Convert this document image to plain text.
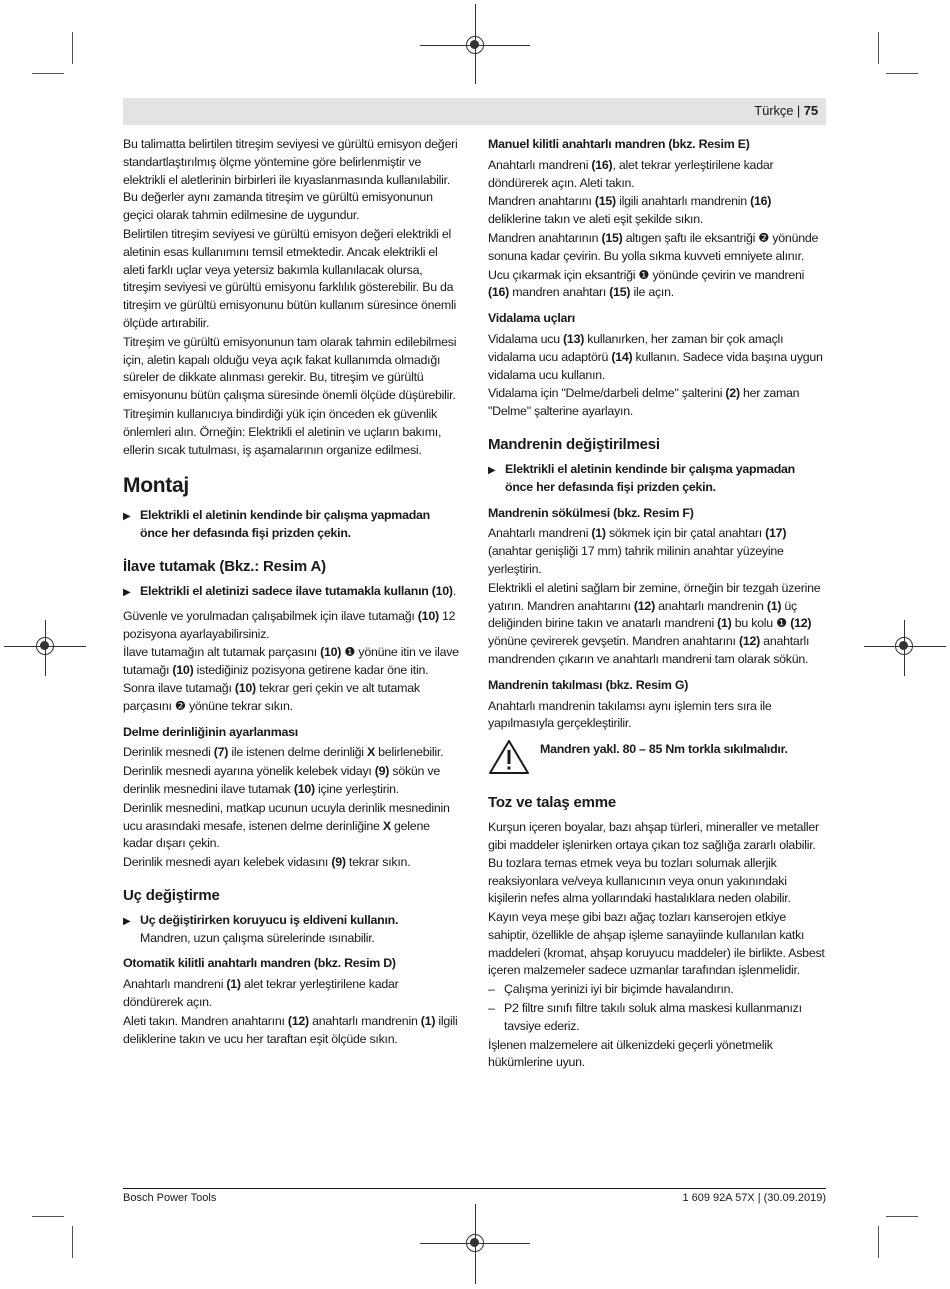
Türkçe | 75

Bu talimatta belirtilen titreşim seviyesi ve gürültü emisyon değeri standartlaştırılmış ölçme yöntemine göre belirlenmiştir ve elektrikli el aletlerinin birbirleri ile kıyaslanmasında kullanılabilir. Bu değerler aynı zamanda titreşim ve gürültü emisyonunun geçici olarak tahmin edilmesine de uygundur.

Belirtilen titreşim seviyesi ve gürültü emisyon değeri elektrikli el aletinin esas kullanımını temsil etmektedir. Ancak elektrikli el aleti farklı uçlar veya yetersiz bakımla kullanılacak olursa, titreşim seviyesi ve gürültü emisyonu farklılık gösterebilir. Bu da titreşim ve gürültü emisyonunu bütün kullanım süresince önemli ölçüde artırabilir.

Titreşim ve gürültü emisyonunun tam olarak tahmin edilebilmesi için, aletin kapalı olduğu veya açık fakat kullanımda olmadığı süreler de dikkate alınması gerekir. Bu, titreşim ve gürültü emisyonunu bütün çalışma süresinde önemli ölçüde düşürebilir.

Titreşimin kullanıcıya bindirdiği yük için önceden ek güvenlik önlemleri alın. Örneğin: Elektrikli el aletinin ve uçların bakımı, ellerin sıcak tutulması, iş aşamalarının organize edilmesi.

Montaj
▶ Elektrikli el aletinin kendinde bir çalışma yapmadan önce her defasında fişi prizden çekin.
İlave tutamak (Bkz.: Resim A)
▶ Elektrikli el aletinizi sadece ilave tutamakla kullanın (10).

Güvenle ve yorulmadan çalışabilmek için ilave tutamağı (10) 12 pozisyona ayarlayabilirsiniz.

İlave tutamağın alt tutamak parçasını (10) ❶ yönüne itin ve ilave tutamağı (10) istediğiniz pozisyona getirene kadar öne itin. Sonra ilave tutamağı (10) tekrar geri çekin ve alt tutamak parçasını ❷ yönüne tekrar sıkın.

Delme derinliğinin ayarlanması

Derinlik mesnedi (7) ile istenen delme derinliği X belirlenebilir.

Derinlik mesnedi ayarına yönelik kelebek vidayı (9) sökün ve derinlik mesnedini ilave tutamak (10) içine yerleştirin.

Derinlik mesnedini, matkap ucunun ucuyla derinlik mesnedinin ucu arasındaki mesafe, istenen delme derinliğine X gelene kadar dışarı çekin.

Derinlik mesnedi ayarı kelebek vidasını (9) tekrar sıkın.

Uç değiştirme
▶ Uç değiştirirken koruyucu iş eldiveni kullanın.
Mandren, uzun çalışma sürelerinde ısınabilir.
Otomatik kilitli anahtarlı mandren (bkz. Resim D)

Anahtarlı mandreni (1) alet tekrar yerleştirilene kadar döndürerek açın.

Aleti takın. Mandren anahtarını (12) anahtarlı mandrenin (1) ilgili deliklerine takın ve ucu her taraftan eşit ölçüde sıkın.

Manuel kilitli anahtarlı mandren (bkz. Resim E)

Anahtarlı mandreni (16), alet tekrar yerleştirilene kadar döndürerek açın. Aleti takın.

Mandren anahtarını (15) ilgili anahtarlı mandrenin (16) deliklerine takın ve aleti eşit şekilde sıkın.

Mandren anahtarının (15) altıgen şaftı ile eksantriği ❷ yönünde sonuna kadar çevirin. Bu yolla sıkma kuvveti emniyete alınır.

Ucu çıkarmak için eksantriği ❶ yönünde çevirin ve mandreni (16) mandren anahtarı (15) ile açın.

Vidalama uçları

Vidalama ucu (13) kullanırken, her zaman bir çok amaçlı vidalama ucu adaptörü (14) kullanın. Sadece vida başına uygun vidalama ucu kullanın.

Vidalama için "Delme/darbeli delme" şalterini (2) her zaman "Delme" şalterine ayarlayın.

Mandrenin değiştirilmesi
▶ Elektrikli el aletinin kendinde bir çalışma yapmadan önce her defasında fişi prizden çekin.
Mandrenin sökülmesi (bkz. Resim F)

Anahtarlı mandreni (1) sökmek için bir çatal anahtarı (17) (anahtar genişliği 17 mm) tahrik milinin anahtar yüzeyine yerleştirin.

Elektrikli el aletini sağlam bir zemine, örneğin bir tezgah üzerine yatırın. Mandren anahtarını (12) anahtarlı mandrenin (1) üç deliğinden birine takın ve anatarlı mandreni (1) bu kolu ❶ (12) yönüne çevirerek gevşetin. Mandren anahtarını (12) anahtarlı mandrenden çıkarın ve anahtarlı mandreni tam olarak sökün.

Mandrenin takılması (bkz. Resim G)

Anahtarlı mandrenin takılamsı aynı işlemin ters sıra ile yapılmasıyla gerçekleştirilir.

Mandren yakl. 80 – 85 Nm torkla sıkılmalıdır.
Toz ve talaş emme

Kurşun içeren boyalar, bazı ahşap türleri, mineraller ve metaller gibi maddeler işlenirken ortaya çıkan toz sağlığa zararlı olabilir. Bu tozlara temas etmek veya bu tozları solumak allerjik reaksiyonlara ve/veya kullanıcının veya onun yakınındaki kişilerin nefes alma yollarındaki hastalıklara neden olabilir.

Kayın veya meşe gibi bazı ağaç tozları kanserojen etkiye sahiptir, özellikle de ahşap işleme sanayiinde kullanılan katkı maddeleri (kromat, ahşap koruyucu maddeler) ile birlikte. Asbest içeren malzemeler sadece uzmanlar tarafından işlenmelidir.

– Çalışma yerinizi iyi bir biçimde havalandırın.
– P2 filtre sınıfı filtre takılı soluk alma maskesi kullanmanızı tavsiye ederiz.

İşlenen malzemelere ait ülkenizdeki geçerli yönetmelik hükümlerine uyun.

Bosch Power Tools	1 609 92A 57X | (30.09.2019)
